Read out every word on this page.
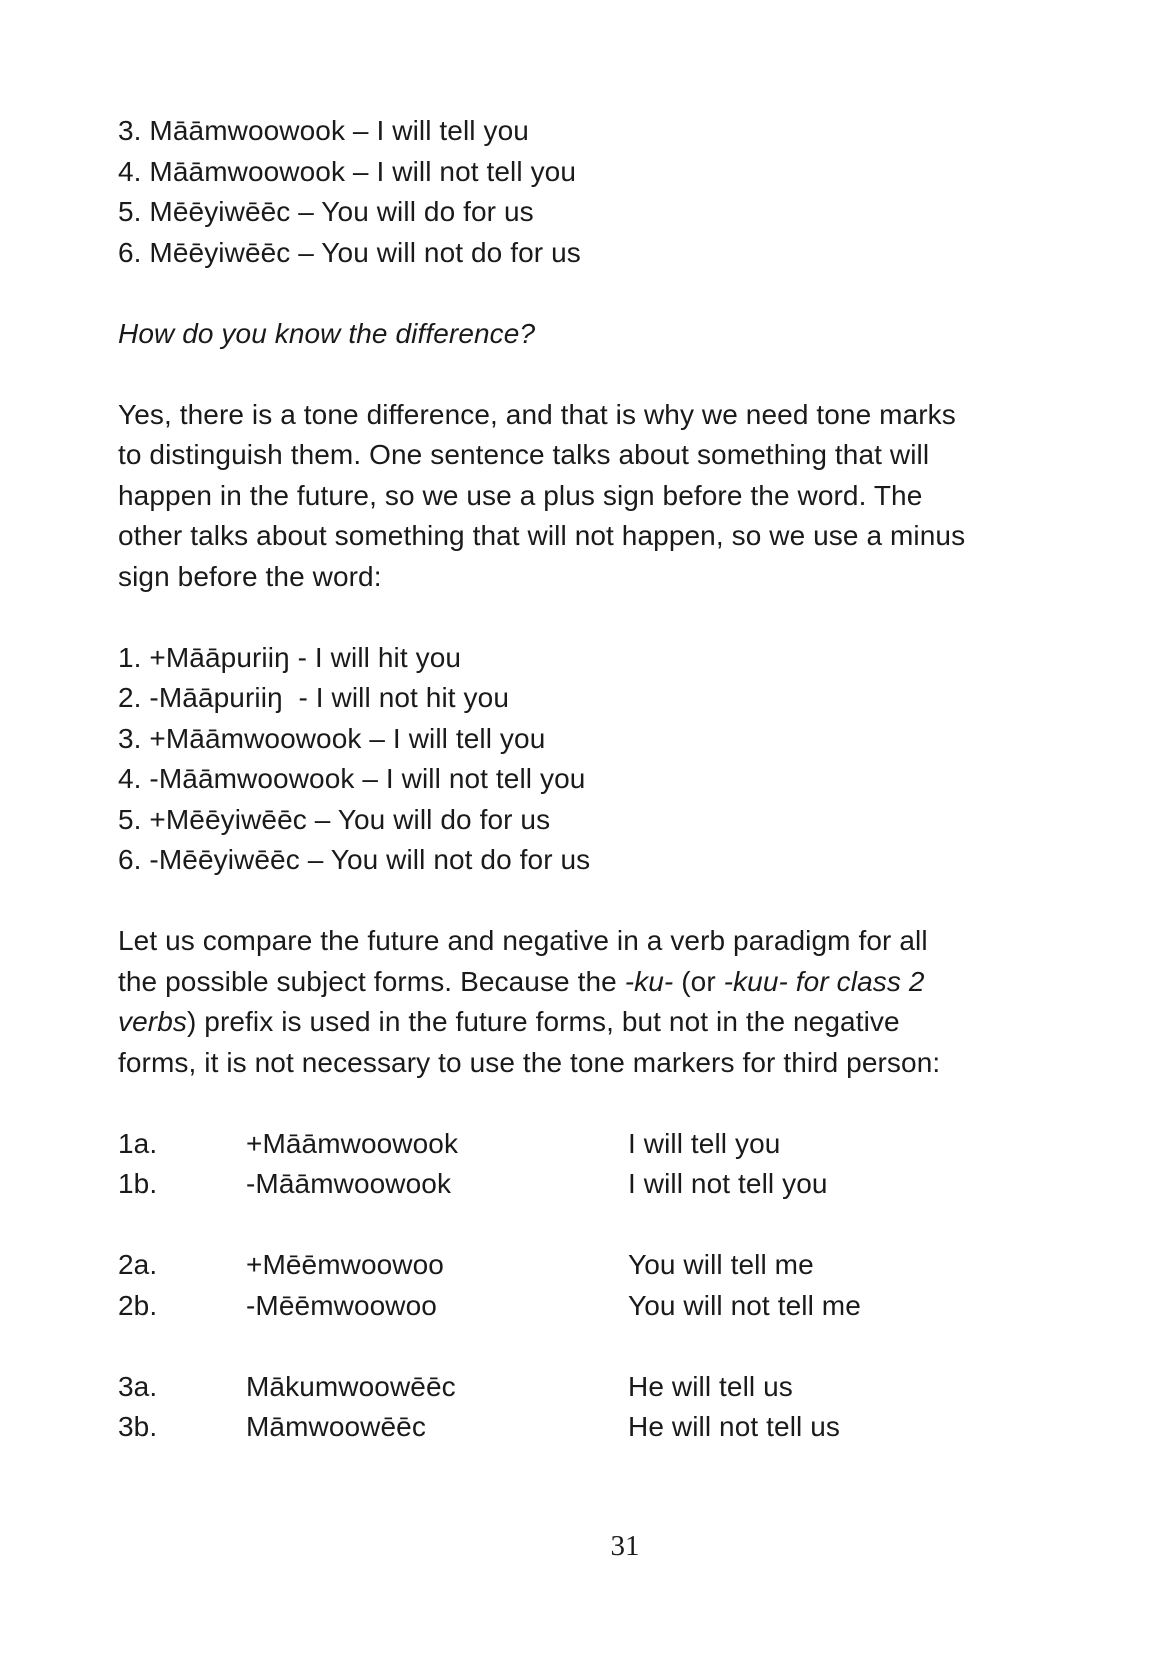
3. Māāmwoowook – I will tell you
4. Māāmwoowook – I will not tell you
5. Mēēyiwēēc – You will do for us
6. Mēēyiwēēc – You will not do for us
How do you know the difference?
Yes, there is a tone difference, and that is why we need tone marks
to distinguish them. One sentence talks about something that will
happen in the future, so we use a plus sign before the word. The
other talks about something that will not happen, so we use a minus
sign before the word:
1. +Māāpuriiŋ - I will hit you
2. -Māāpuriiŋ  - I will not hit you
3. +Māāmwoowook – I will tell you
4. -Māāmwoowook – I will not tell you
5. +Mēēyiwēēc – You will do for us
6. -Mēēyiwēēc – You will not do for us
Let us compare the future and negative in a verb paradigm for all
the possible subject forms. Because the -ku- (or -kuu- for class 2
verbs) prefix is used in the future forms, but not in the negative
forms, it is not necessary to use the tone markers for third person:
1a.	+Māāmwoowook	I will tell you
1b.	-Māāmwoowook	I will not tell you
2a.	+Mēēmwoowoo	You will tell me
2b.	-Mēēmwoowoo	You will not tell me
3a.	Mākumwoowēēc	He will tell us
3b.	Māmwoowēēc	He will not tell us
31
